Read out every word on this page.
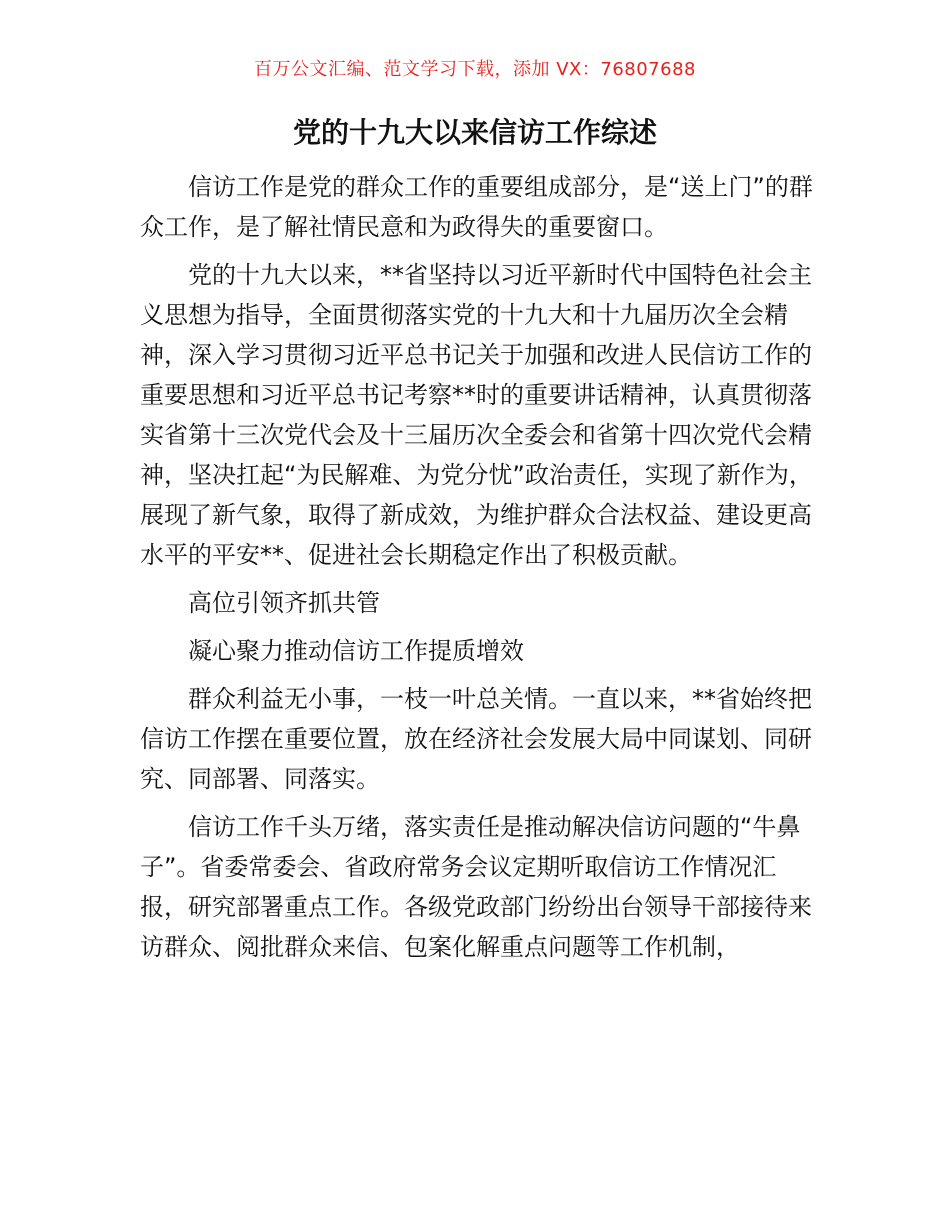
百万公文汇编、范文学习下载，添加 VX：76807688
党的十九大以来信访工作综述

信访工作是党的群众工作的重要组成部分，是“送上门”的群众工作，是了解社情民意和为政得失的重要窗口。

党的十九大以来，**省坚持以习近平新时代中国特色社会主义思想为指导，全面贯彻落实党的十九大和十九届历次全会精神，深入学习贯彻习近平总书记关于加强和改进人民信访工作的重要思想和习近平总书记考察**时的重要讲话精神，认真贯彻落实省第十三次党代会及十三届历次全委会和省第十四次党代会精神，坚决扛起“为民解难、为党分忧”政治责任，实现了新作为，展现了新气象，取得了新成效，为维护群众合法权益、建设更高水平的平安**、促进社会长期稳定作出了积极贡献。

高位引领齐抓共管

凝心聚力推动信访工作提质增效

群众利益无小事，一枝一叶总关情。一直以来，**省始终把信访工作摆在重要位置，放在经济社会发展大局中同谋划、同研究、同部署、同落实。

信访工作千头万绪，落实责任是推动解决信访问题的“牛鼻子”。省委常委会、省政府常务会议定期听取信访工作情况汇报，研究部署重点工作。各级党政部门纷纷出台领导干部接待来访群众、阅批群众来信、包案化解重点问题等工作机制，
